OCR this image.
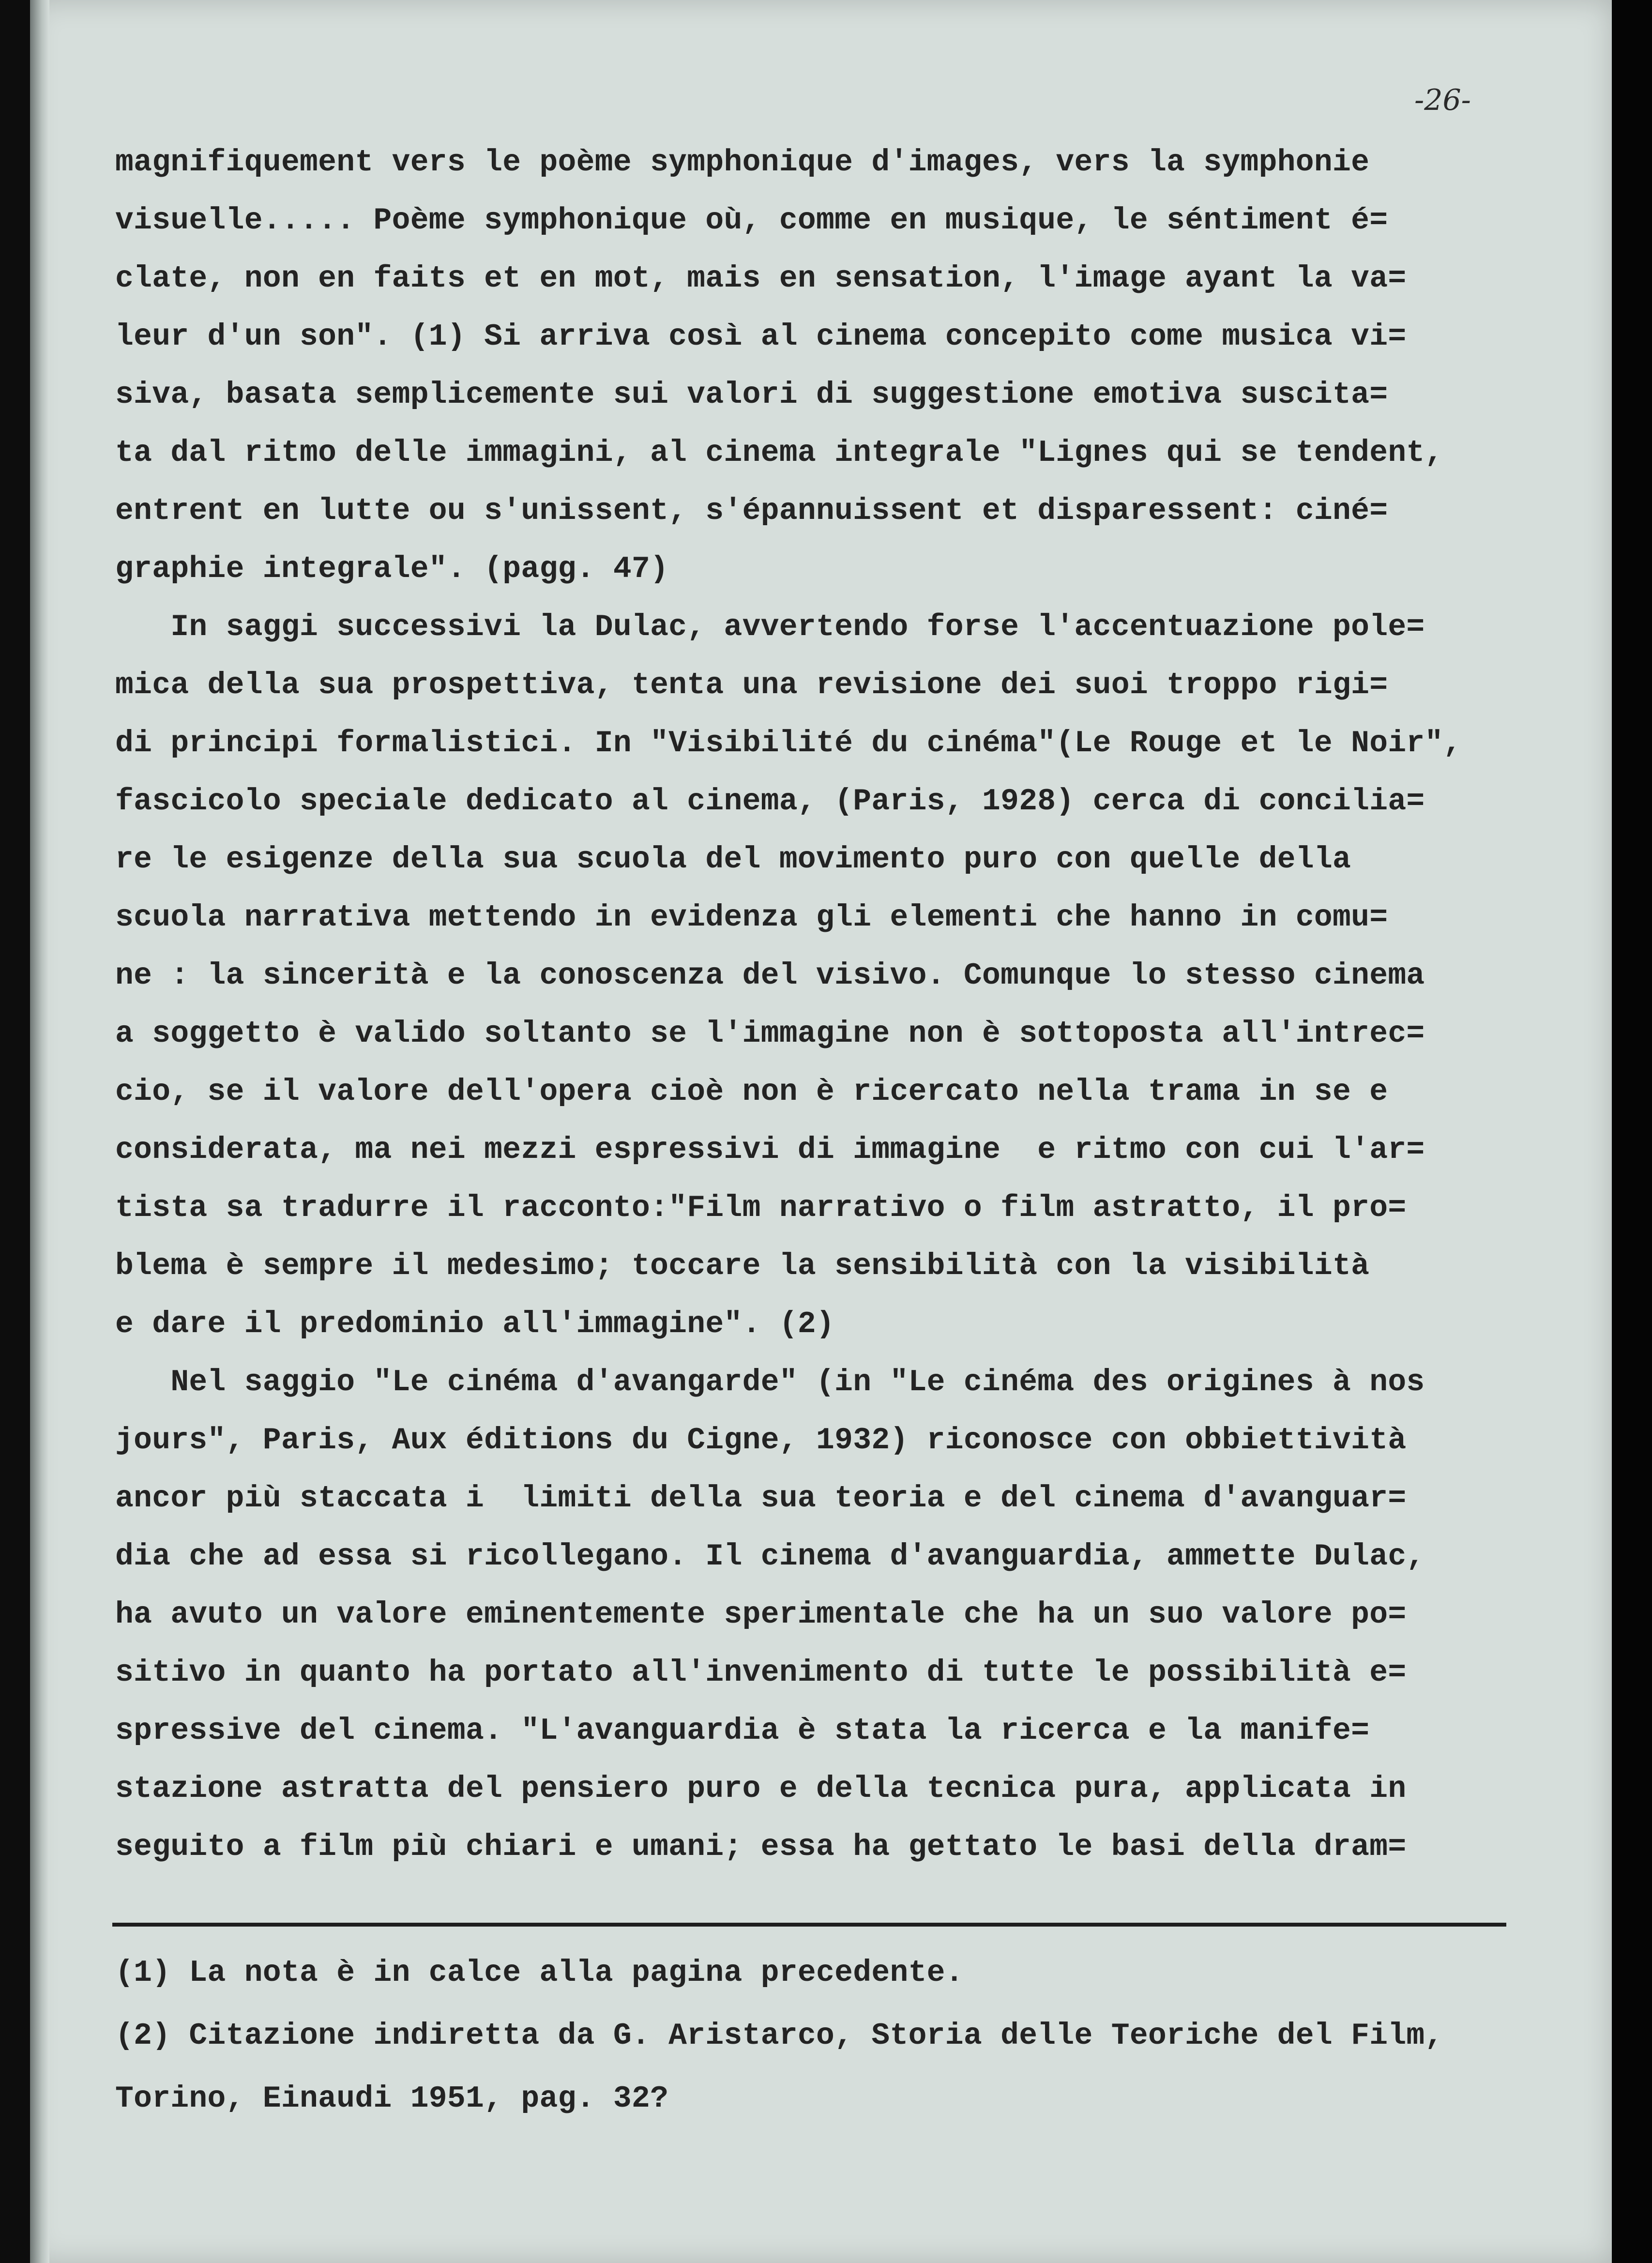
-26-

magnifiquement vers le poème symphonique d'images, vers la symphonie

visuelle..... Poème symphonique où, comme en musique, le séntiment é=

clate, non en faits et en mot, mais en sensation, l'image ayant la va=

leur d'un son". (1) Si arriva così al cinema concepito come musica vi=

siva, basata semplicemente sui valori di suggestione emotiva suscita=

ta dal ritmo delle immagini, al cinema integrale "Lignes qui se tendent,

entrent en lutte ou s'unissent, s'épannuissent et disparessent: ciné=

graphie integrale". (pagg. 47)

In saggi successivi la Dulac, avvertendo forse l'accentuazione pole=

mica della sua prospettiva, tenta una revisione dei suoi troppo rigi=

di principi formalistici. In "Visibilité du cinéma"(Le Rouge et le Noir",

fascicolo speciale dedicato al cinema, (Paris, 1928) cerca di concilia=

re le esigenze della sua scuola del movimento puro con quelle della

scuola narrativa mettendo in evidenza gli elementi che hanno in comu=

ne : la sincerità e la conoscenza del visivo. Comunque lo stesso cinema

a soggetto è valido soltanto se l'immagine non è sottoposta all'intrec=

cio, se il valore dell'opera cioè non è ricercato nella trama in se e

considerata, ma nei mezzi espressivi di immagine  e ritmo con cui l'ar=

tista sa tradurre il racconto:"Film narrativo o film astratto, il pro=

blema è sempre il medesimo; toccare la sensibilità con la visibilità

e dare il predominio all'immagine". (2)

Nel saggio "Le cinéma d'avangarde" (in "Le cinéma des origines à nos

jours", Paris, Aux éditions du Cigne, 1932) riconosce con obbiettività

ancor più staccata i  limiti della sua teoria e del cinema d'avanguar=

dia che ad essa si ricollegano. Il cinema d'avanguardia, ammette Dulac,

ha avuto un valore eminentemente sperimentale che ha un suo valore po=

sitivo in quanto ha portato all'invenimento di tutte le possibilità e=

spressive del cinema. "L'avanguardia è stata la ricerca e la manife=

stazione astratta del pensiero puro e della tecnica pura, applicata in

seguito a film più chiari e umani; essa ha gettato le basi della dram=

(1) La nota è in calce alla pagina precedente.

(2) Citazione indiretta da G. Aristarco, Storia delle Teoriche del Film,

Torino, Einaudi 1951, pag. 32?
